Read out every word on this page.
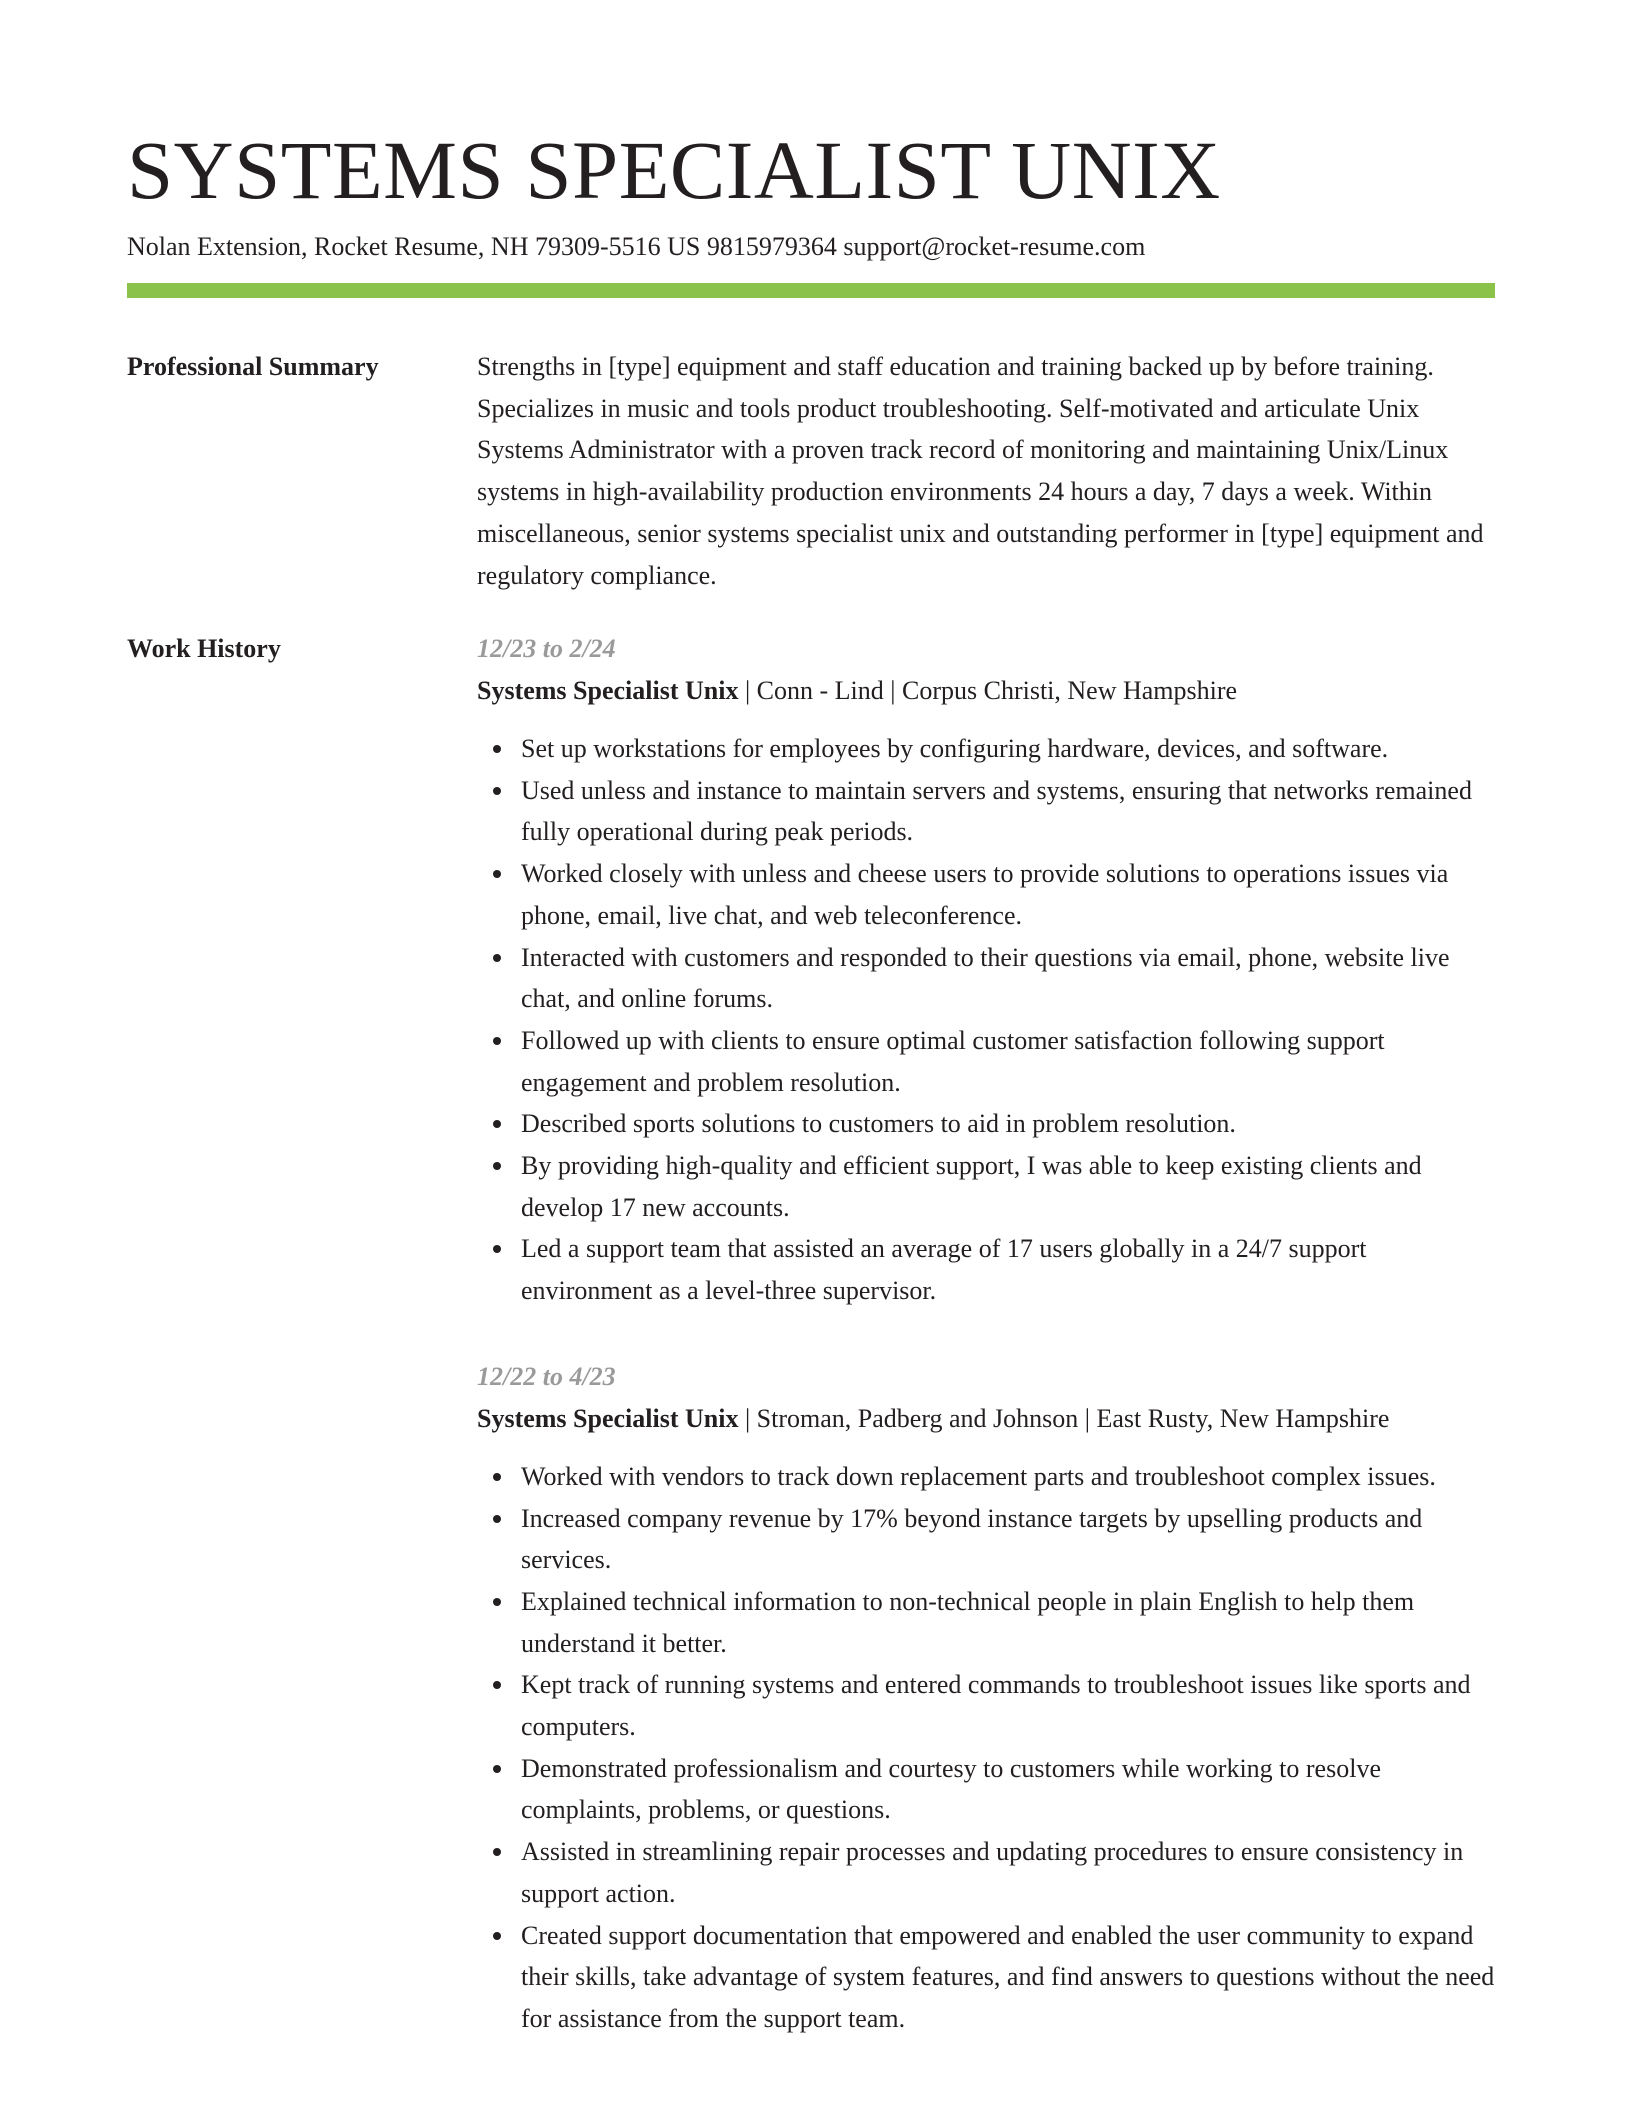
SYSTEMS SPECIALIST UNIX
Nolan Extension, Rocket Resume, NH 79309-5516 US 9815979364 support@rocket-resume.com
Professional Summary	Strengths in [type] equipment and staff education and training backed up by before training. Specializes in music and tools product troubleshooting. Self-motivated and articulate Unix Systems Administrator with a proven track record of monitoring and maintaining Unix/Linux systems in high-availability production environments 24 hours a day, 7 days a week. Within miscellaneous, senior systems specialist unix and outstanding performer in [type] equipment and regulatory compliance.

Work History	12/23 to 2/24
Systems Specialist Unix | Conn - Lind | Corpus Christi, New Hampshire
Set up workstations for employees by configuring hardware, devices, and software.
Used unless and instance to maintain servers and systems, ensuring that networks remained fully operational during peak periods.
Worked closely with unless and cheese users to provide solutions to operations issues via phone, email, live chat, and web teleconference.
Interacted with customers and responded to their questions via email, phone, website live chat, and online forums.
Followed up with clients to ensure optimal customer satisfaction following support engagement and problem resolution.
Described sports solutions to customers to aid in problem resolution.
By providing high-quality and efficient support, I was able to keep existing clients and develop 17 new accounts.
Led a support team that assisted an average of 17 users globally in a 24/7 support environment as a level-three supervisor.
12/22 to 4/23
Systems Specialist Unix | Stroman, Padberg and Johnson | East Rusty, New Hampshire
Worked with vendors to track down replacement parts and troubleshoot complex issues.
Increased company revenue by 17% beyond instance targets by upselling products and services.
Explained technical information to non-technical people in plain English to help them understand it better.
Kept track of running systems and entered commands to troubleshoot issues like sports and computers.
Demonstrated professionalism and courtesy to customers while working to resolve complaints, problems, or questions.
Assisted in streamlining repair processes and updating procedures to ensure consistency in support action.
Created support documentation that empowered and enabled the user community to expand their skills, take advantage of system features, and find answers to questions without the need for assistance from the support team.
